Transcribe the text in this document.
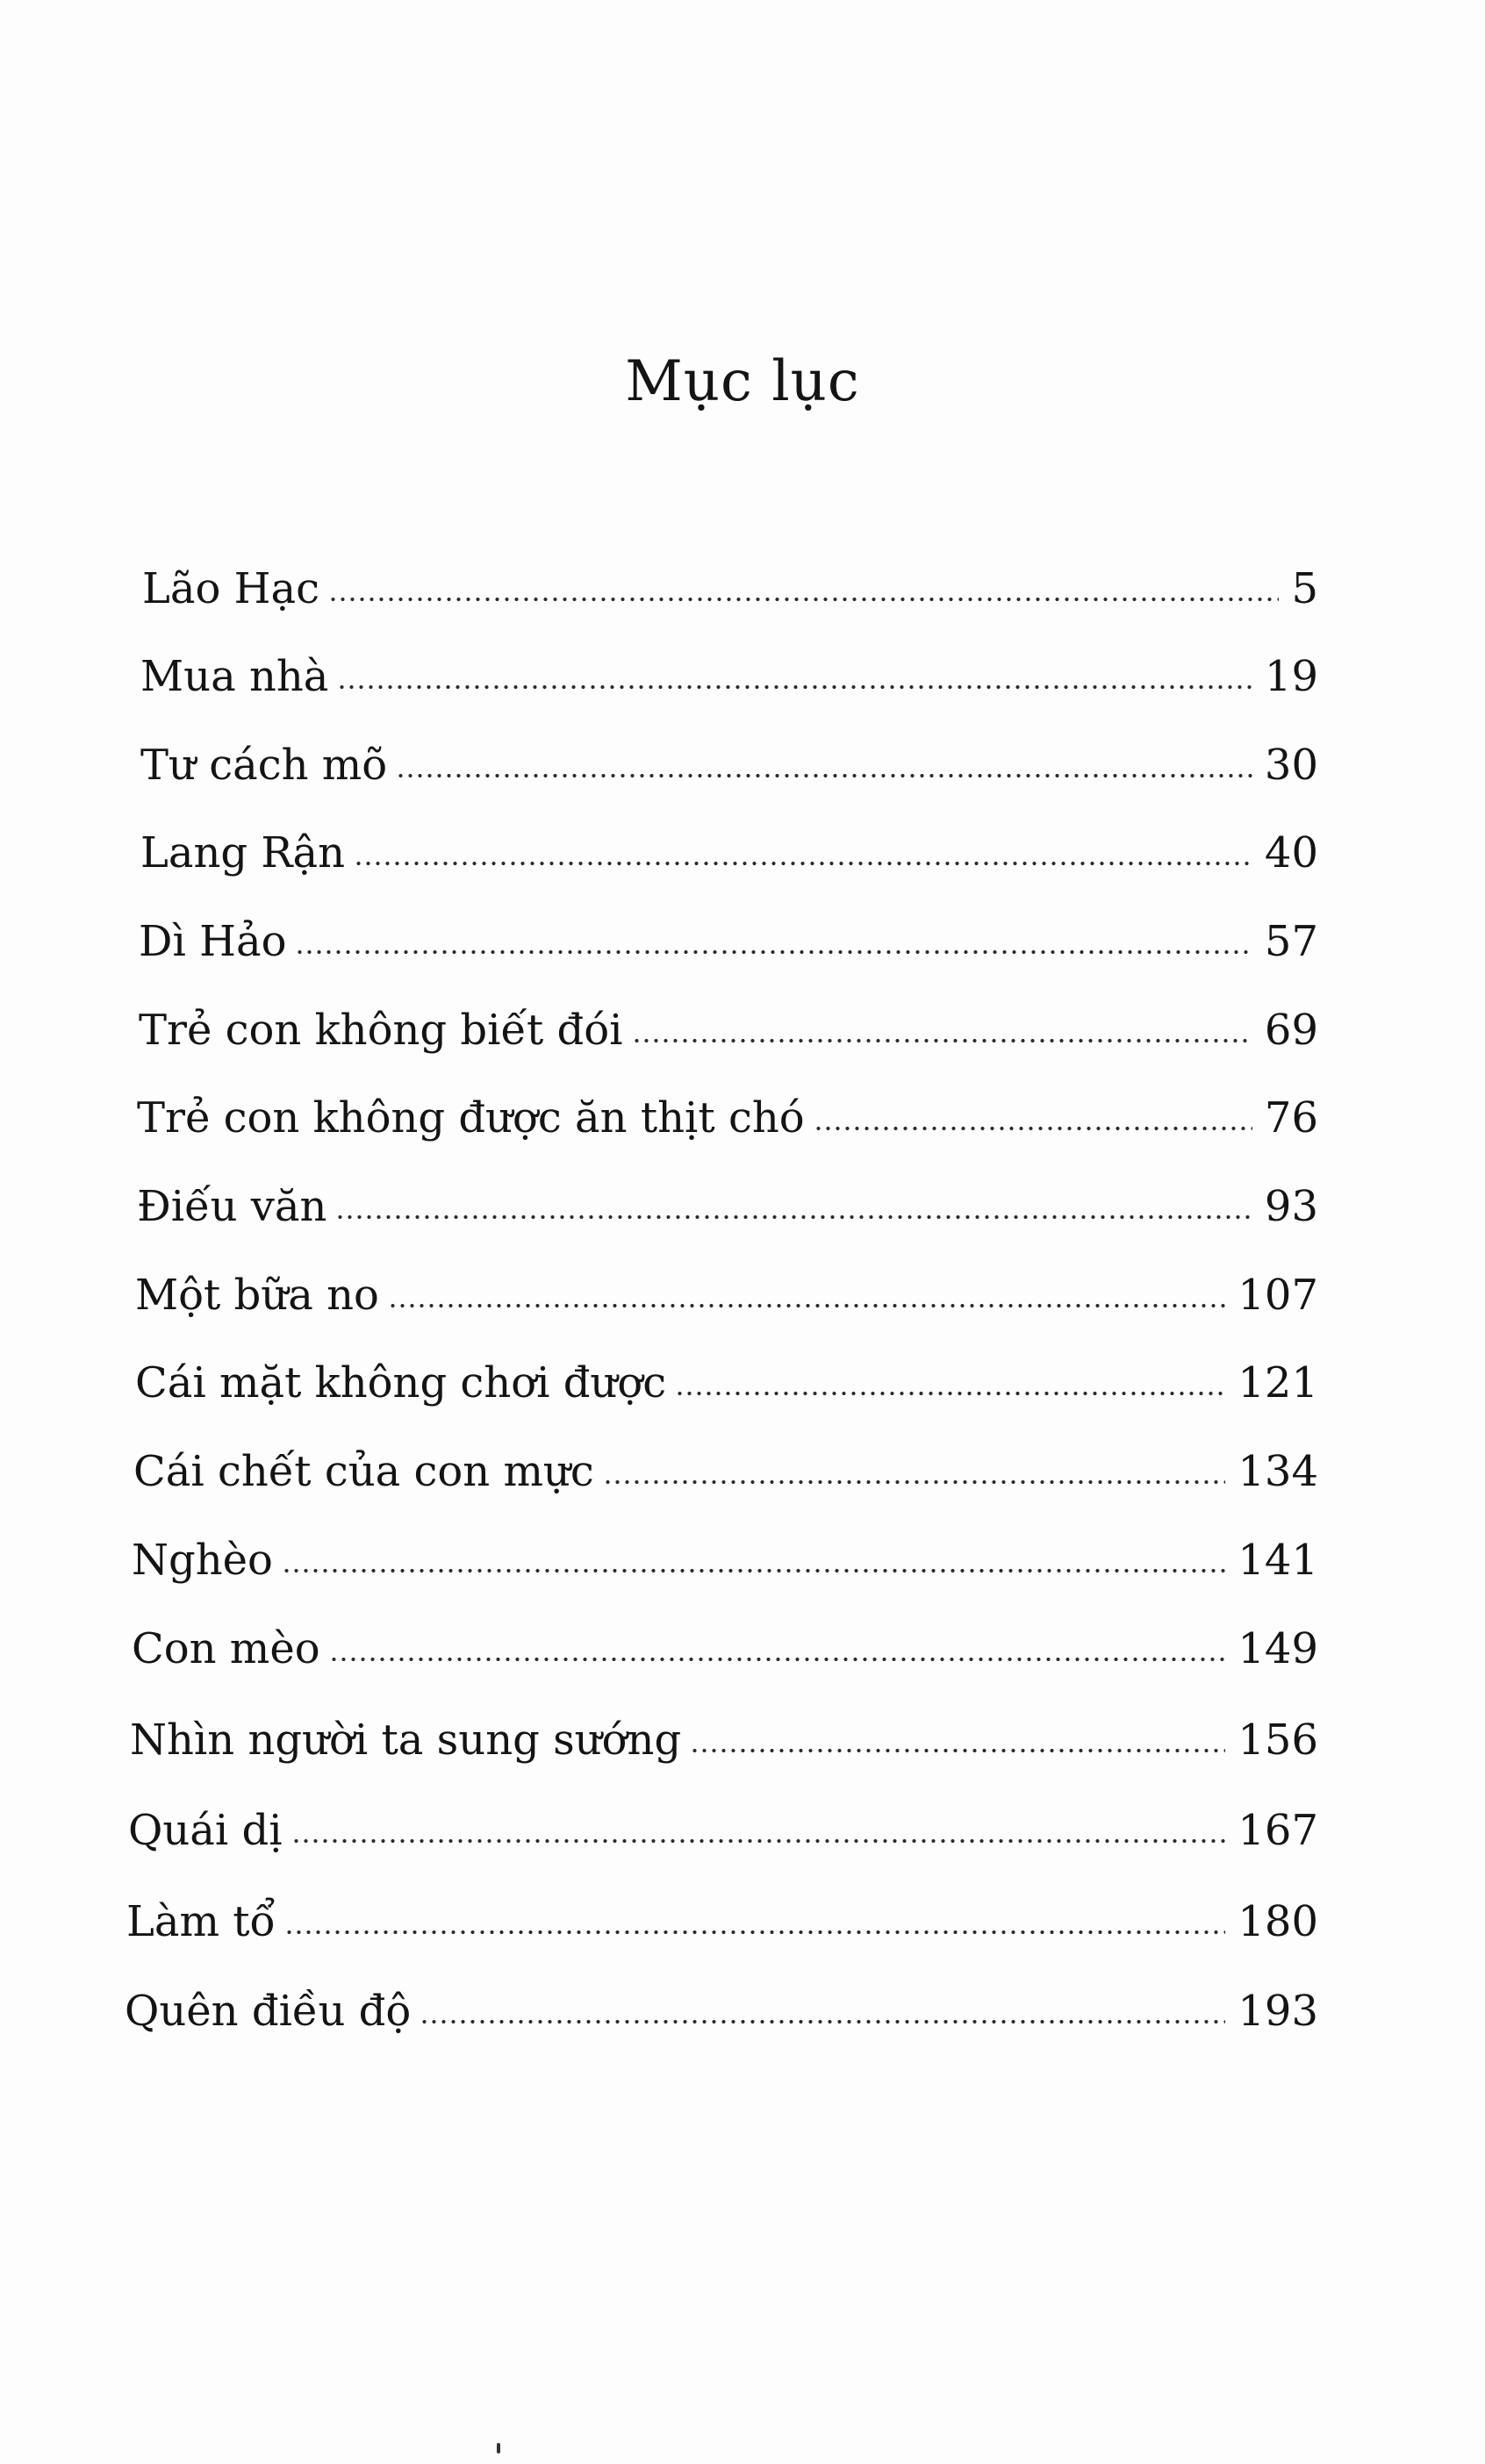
Mục lục
Lão Hạc	5
Mua nhà	19
Tư cách mõ	30
Lang Rận	40
Dì Hảo	57
Trẻ con không biết đói	69
Trẻ con không được ăn thịt chó	76
Điếu văn	93
Một bữa no	107
Cái mặt không chơi được	121
Cái chết của con mực	134
Nghèo	141
Con mèo	149
Nhìn người ta sung sướng	156
Quái dị	167
Làm tổ	180
Quên điều độ	193
